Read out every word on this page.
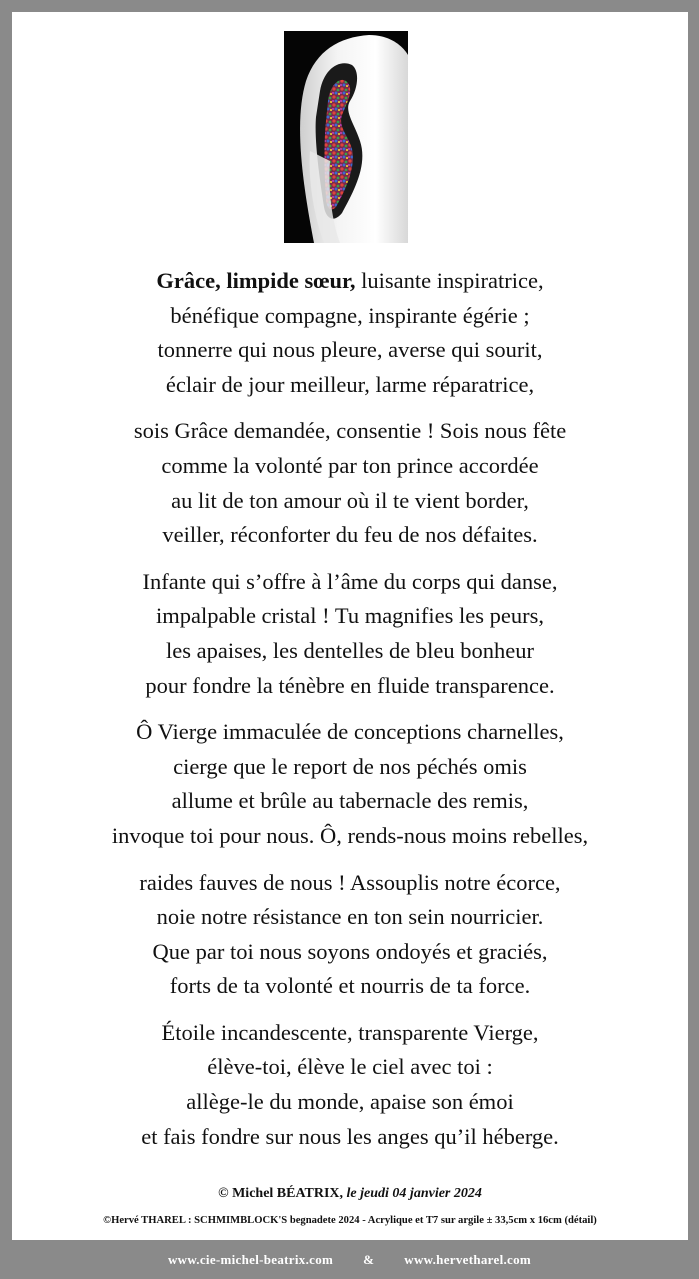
Grâce, limpide sœur, luisante inspiratrice,
bénéfique compagne, inspirante égérie ;
tonnerre qui nous pleure, averse qui sourit,
éclair de jour meilleur, larme réparatrice,
sois Grâce demandée, consentie ! Sois nous fête
comme la volonté par ton prince accordée
au lit de ton amour où il te vient border,
veiller, réconforter du feu de nos défaites.
Infante qui s’offre à l’âme du corps qui danse,
impalpable cristal ! Tu magnifies les peurs,
les apaises, les dentelles de bleu bonheur
pour fondre la ténèbre en fluide transparence.
Ô Vierge immaculée de conceptions charnelles,
cierge que le report de nos péchés omis
allume et brûle au tabernacle des remis,
invoque toi pour nous. Ô, rends-nous moins rebelles,
raides fauves de nous ! Assouplis notre écorce,
noie notre résistance en ton sein nourricier.
Que par toi nous soyons ondoyés et graciés,
forts de ta volonté et nourris de ta force.
Étoile incandescente, transparente Vierge,
élève-toi, élève le ciel avec toi :
allège-le du monde, apaise son émoi
et fais fondre sur nous les anges qu’il héberge.
© Michel BÉATRIX, le jeudi 04 janvier 2024
©Hervé THAREL : SCHMIMBLOCK'S begnadete 2024 - Acrylique et T7 sur argile ± 33,5cm x 16cm (détail)
www.cie-michel-beatrix.com & www.hervetharel.com
